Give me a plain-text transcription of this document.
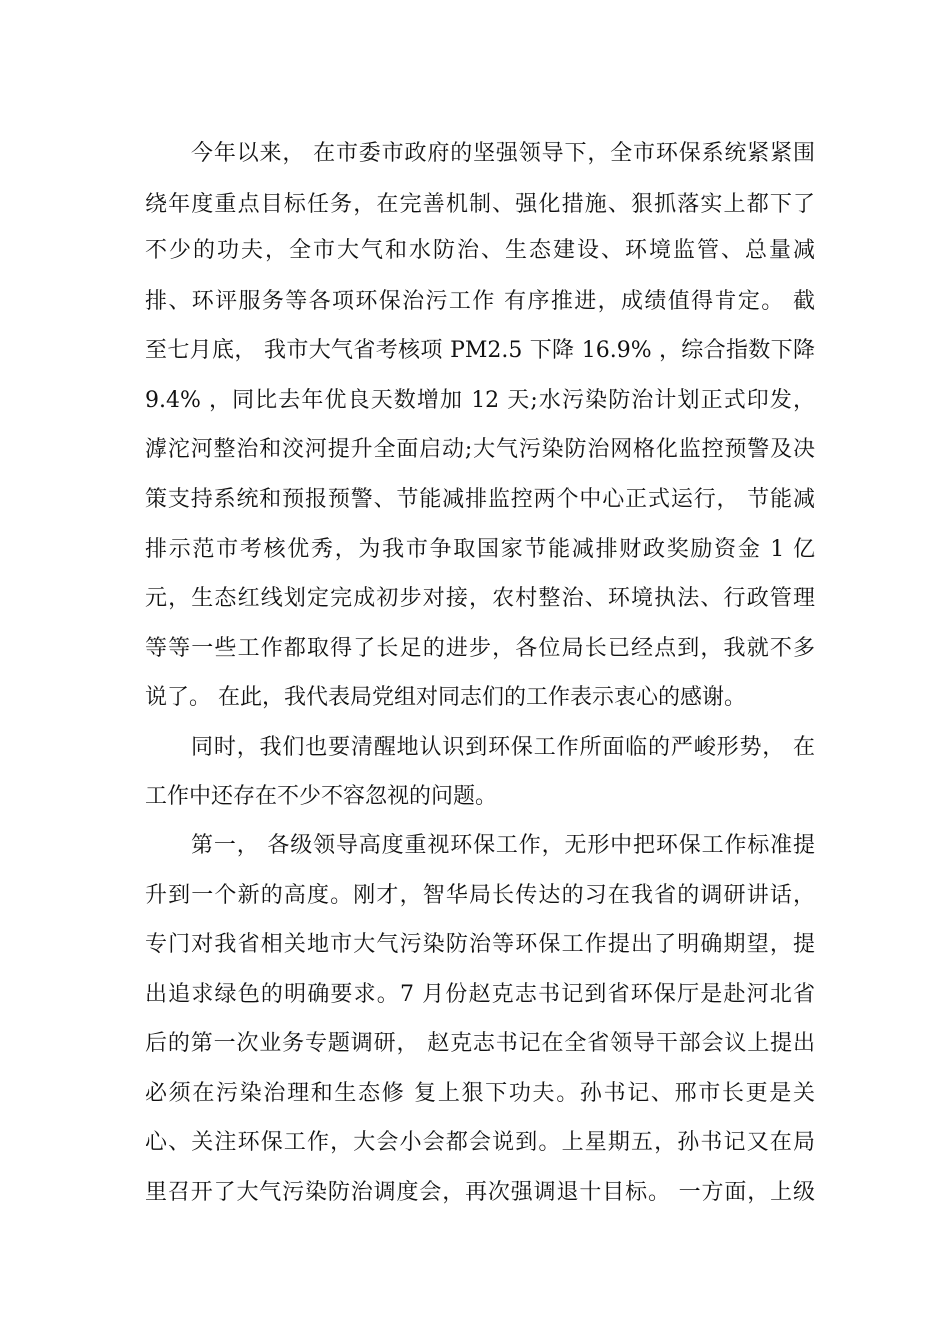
今年以来， 在市委市政府的坚强领导下，全市环保系统紧紧围
绕年度重点目标任务，在完善机制、强化措施、狠抓落实上都下了
不少的功夫，全市大气和水防治、生态建设、环境监管、总量减
排、环评服务等各项环保治污工作 有序推进，成绩值得肯定。 截
至七月底， 我市大气省考核项 PM2.5 下降 16.9% ，综合指数下降
9.4% ，同比去年优良天数增加 12 天;水污染防治计划正式印发，
滹沱河整治和洨河提升全面启动;大气污染防治网格化监控预警及决
策支持系统和预报预警、节能减排监控两个中心正式运行， 节能减
排示范市考核优秀，为我市争取国家节能减排财政奖励资金 1 亿
元，生态红线划定完成初步对接，农村整治、环境执法、行政管理
等等一些工作都取得了长足的进步，各位局长已经点到，我就不多
说了。 在此，我代表局党组对同志们的工作表示衷心的感谢。
同时，我们也要清醒地认识到环保工作所面临的严峻形势， 在
工作中还存在不少不容忽视的问题。
第一， 各级领导高度重视环保工作，无形中把环保工作标准提
升到一个新的高度。刚才，智华局长传达的习在我省的调研讲话，
专门对我省相关地市大气污染防治等环保工作提出了明确期望，提
出追求绿色的明确要求。7 月份赵克志书记到省环保厅是赴河北省
后的第一次业务专题调研， 赵克志书记在全省领导干部会议上提出
必须在污染治理和生态修 复上狠下功夫。孙书记、邢市长更是关
心、关注环保工作，大会小会都会说到。上星期五，孙书记又在局
里召开了大气污染防治调度会，再次强调退十目标。 一方面，上级
